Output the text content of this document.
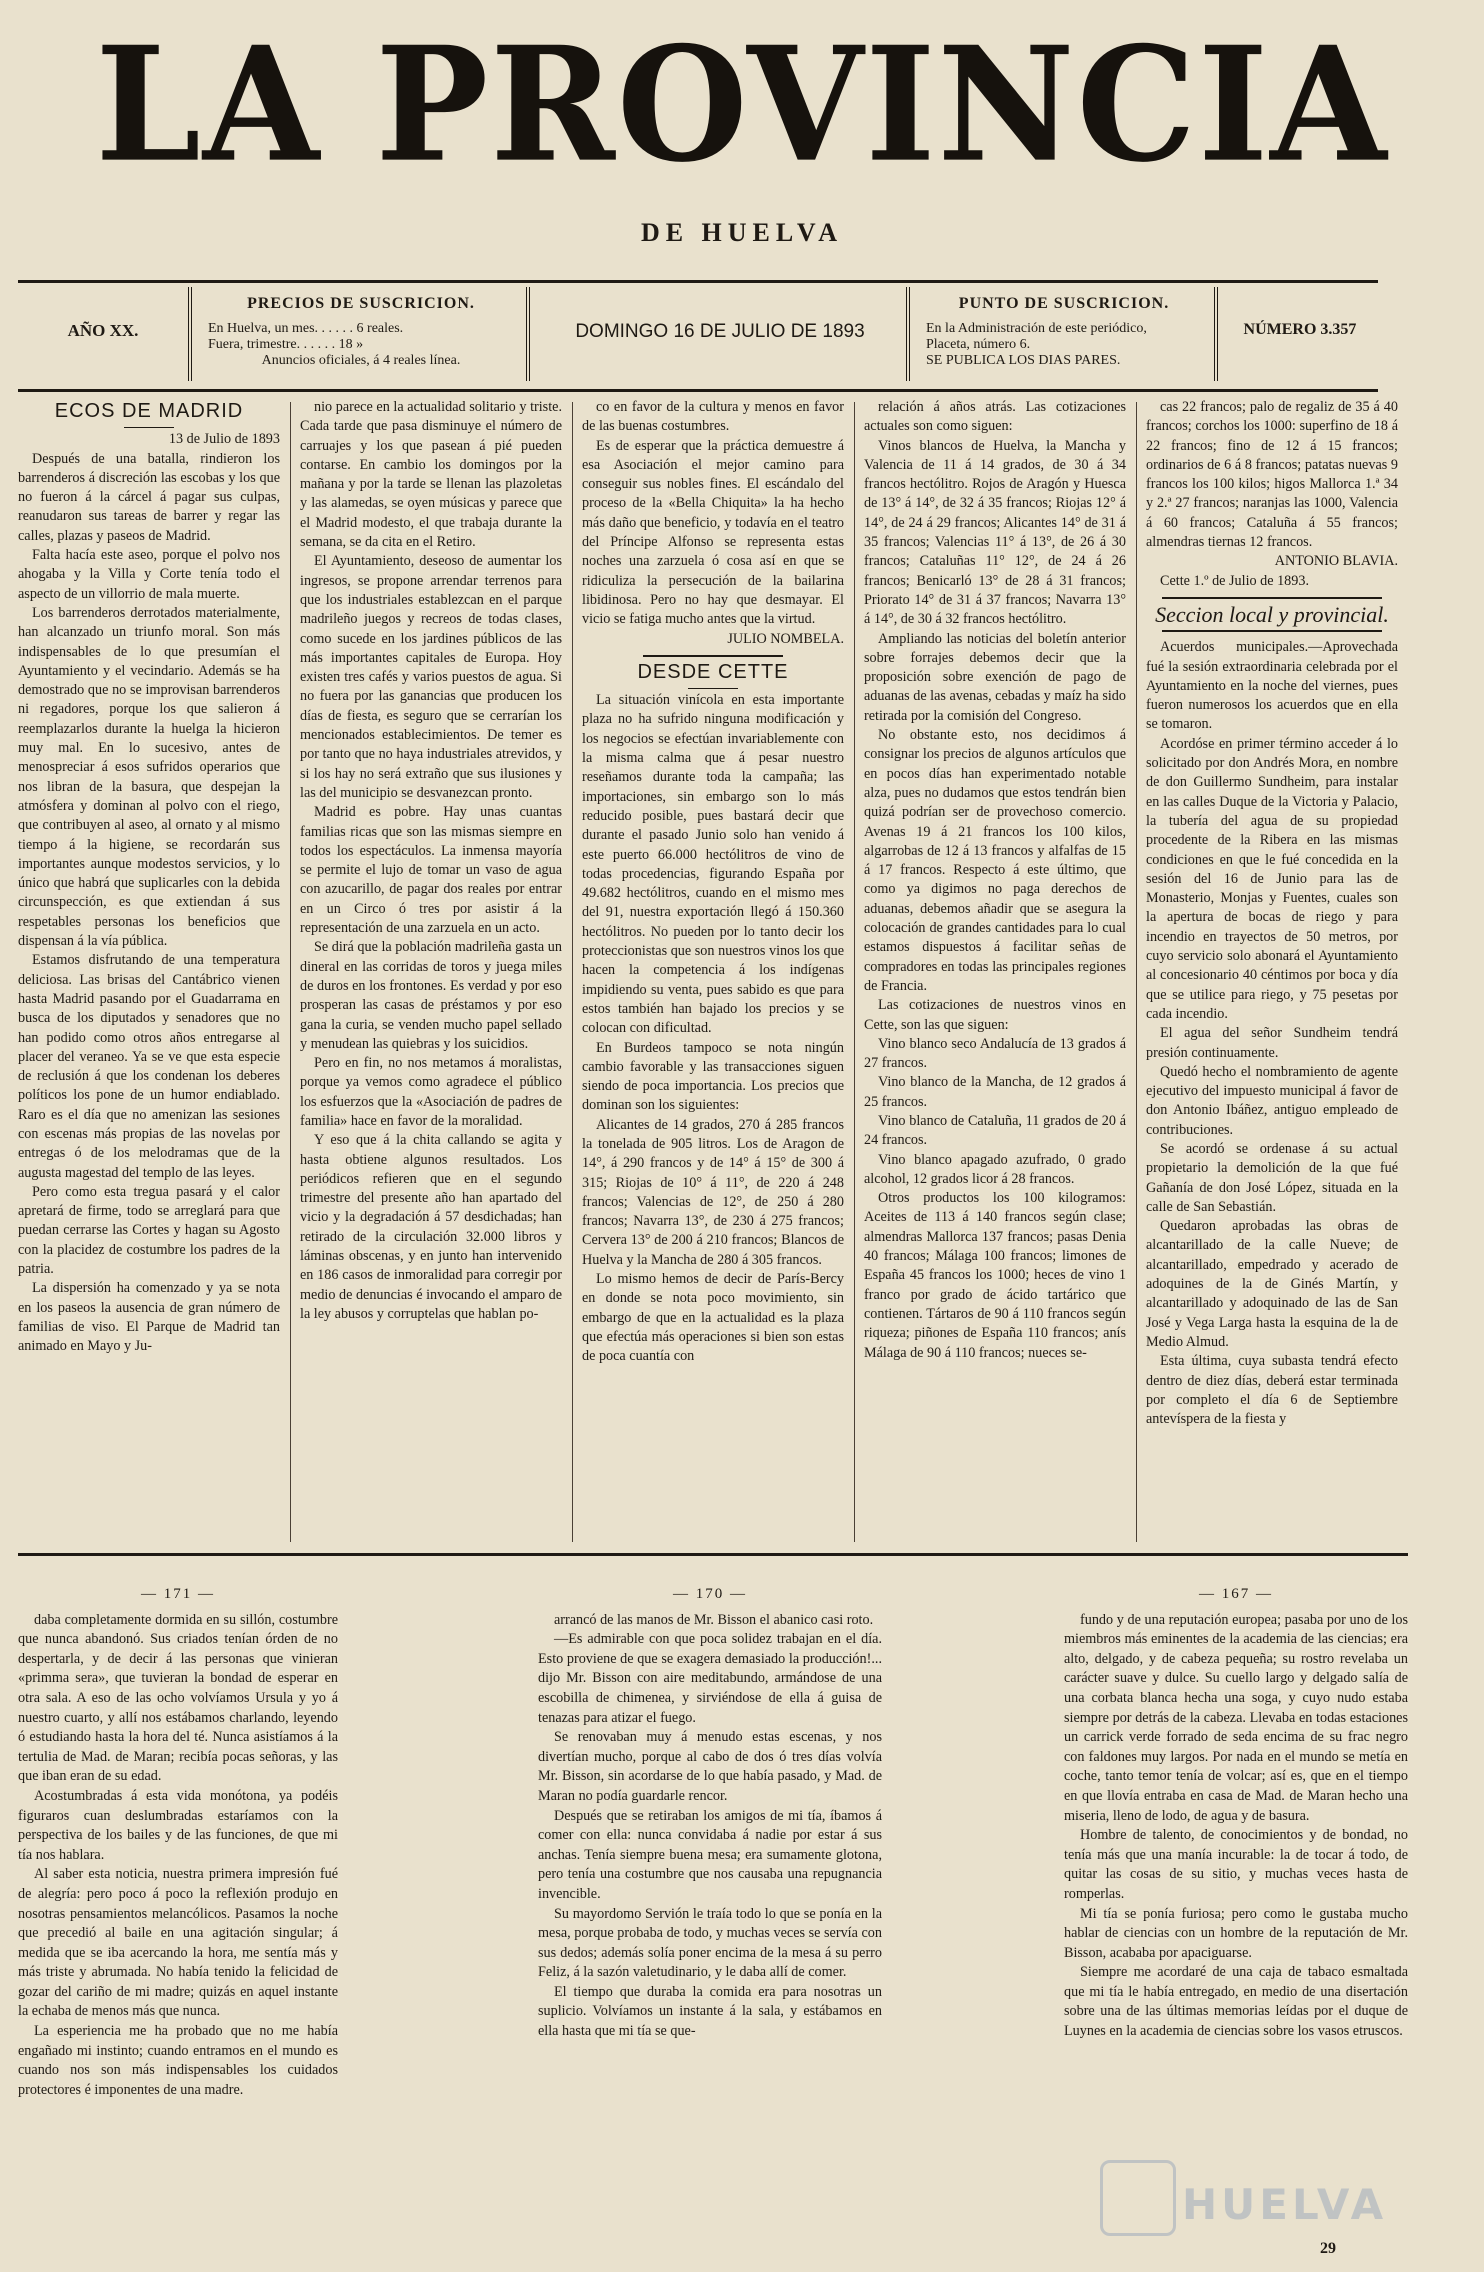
LA PROVINCIA
DE HUELVA
AÑO XX.
PRECIOS DE SUSCRICION.
En Huelva, un mes. . . . . . 6 reales.
Fuera, trimestre. . . . . . 18 »
Anuncios oficiales, á 4 reales línea.
DOMINGO 16 DE JULIO DE 1893
PUNTO DE SUSCRICION.
En la Administración de este periódico,
Placeta, número 6.
SE PUBLICA LOS DIAS PARES.
NÚMERO 3.357
ECOS DE MADRID

13 de Julio de 1893

Después de una batalla, rindieron los barrenderos á discreción las escobas y los que no fueron á la cárcel á pagar sus culpas, reanudaron sus tareas de barrer y regar las calles, plazas y paseos de Madrid.

Falta hacía este aseo, porque el polvo nos ahogaba y la Villa y Corte tenía todo el aspecto de un villorrio de mala muerte.

Los barrenderos derrotados materialmente, han alcanzado un triunfo moral. Son más indispensables de lo que presumían el Ayuntamiento y el vecindario. Además se ha demostrado que no se improvisan barrenderos ni regadores, porque los que salieron á reemplazarlos durante la huelga la hicieron muy mal. En lo sucesivo, antes de menospreciar á esos sufridos operarios que nos libran de la basura, que despejan la atmósfera y dominan al polvo con el riego, que contribuyen al aseo, al ornato y al mismo tiempo á la higiene, se recordarán sus importantes aunque modestos servicios, y lo único que habrá que suplicarles con la debida circunspección, es que extiendan á sus respetables personas los beneficios que dispensan á la vía pública.

Estamos disfrutando de una temperatura deliciosa. Las brisas del Cantábrico vienen hasta Madrid pasando por el Guadarrama en busca de los diputados y senadores que no han podido como otros años entregarse al placer del veraneo. Ya se ve que esta especie de reclusión á que los condenan los deberes políticos los pone de un humor endiablado. Raro es el día que no amenizan las sesiones con escenas más propias de las novelas por entregas ó de los melodramas que de la augusta magestad del templo de las leyes.

Pero como esta tregua pasará y el calor apretará de firme, todo se arreglará para que puedan cerrarse las Cortes y hagan su Agosto con la placidez de costumbre los padres de la patria.

La dispersión ha comenzado y ya se nota en los paseos la ausencia de gran número de familias de viso. El Parque de Madrid tan animado en Mayo y Ju-

nio parece en la actualidad solitario y triste. Cada tarde que pasa disminuye el número de carruajes y los que pasean á pié pueden contarse. En cambio los domingos por la mañana y por la tarde se llenan las plazoletas y las alamedas, se oyen músicas y parece que el Madrid modesto, el que trabaja durante la semana, se da cita en el Retiro.

El Ayuntamiento, deseoso de aumentar los ingresos, se propone arrendar terrenos para que los industriales establezcan en el parque madrileño juegos y recreos de todas clases, como sucede en los jardines públicos de las más importantes capitales de Europa. Hoy existen tres cafés y varios puestos de agua. Si no fuera por las ganancias que producen los días de fiesta, es seguro que se cerrarían los mencionados establecimientos. De temer es por tanto que no haya industriales atrevidos, y si los hay no será extraño que sus ilusiones y las del municipio se desvanezcan pronto.

Madrid es pobre. Hay unas cuantas familias ricas que son las mismas siempre en todos los espectáculos. La inmensa mayoría se permite el lujo de tomar un vaso de agua con azucarillo, de pagar dos reales por entrar en un Circo ó tres por asistir á la representación de una zarzuela en un acto.

Se dirá que la población madrileña gasta un dineral en las corridas de toros y juega miles de duros en los frontones. Es verdad y por eso prosperan las casas de préstamos y por eso gana la curia, se venden mucho papel sellado y menudean las quiebras y los suicidios.

Pero en fin, no nos metamos á moralistas, porque ya vemos como agradece el público los esfuerzos que la «Asociación de padres de familia» hace en favor de la moralidad.

Y eso que á la chita callando se agita y hasta obtiene algunos resultados. Los periódicos refieren que en el segundo trimestre del presente año han apartado del vicio y la degradación á 57 desdichadas; han retirado de la circulación 32.000 libros y láminas obscenas, y en junto han intervenido en 186 casos de inmoralidad para corregir por medio de denuncias é invocando el amparo de la ley abusos y corruptelas que hablan po-

co en favor de la cultura y menos en favor de las buenas costumbres.

Es de esperar que la práctica demuestre á esa Asociación el mejor camino para conseguir sus nobles fines. El escándalo del proceso de la «Bella Chiquita» la ha hecho más daño que beneficio, y todavía en el teatro del Príncipe Alfonso se representa estas noches una zarzuela ó cosa así en que se ridiculiza la persecución de la bailarina libidinosa. Pero no hay que desmayar. El vicio se fatiga mucho antes que la virtud.

JULIO NOMBELA.

DESDE CETTE

La situación vinícola en esta importante plaza no ha sufrido ninguna modificación y los negocios se efectúan invariablemente con la misma calma que á pesar nuestro reseñamos durante toda la campaña; las importaciones, sin embargo son lo más reducido posible, pues bastará decir que durante el pasado Junio solo han venido á este puerto 66.000 hectólitros de vino de todas procedencias, figurando España por 49.682 hectólitros, cuando en el mismo mes del 91, nuestra exportación llegó á 150.360 hectólitros. No pueden por lo tanto decir los proteccionistas que son nuestros vinos los que hacen la competencia á los indígenas impidiendo su venta, pues sabido es que para estos también han bajado los precios y se colocan con dificultad.

En Burdeos tampoco se nota ningún cambio favorable y las transacciones siguen siendo de poca importancia. Los precios que dominan son los siguientes:

Alicantes de 14 grados, 270 á 285 francos la tonelada de 905 litros. Los de Aragon de 14°, á 290 francos y de 14° á 15° de 300 á 315; Riojas de 10° á 11°, de 220 á 248 francos; Valencias de 12°, de 250 á 280 francos; Navarra 13°, de 230 á 275 francos; Cervera 13° de 200 á 210 francos; Blancos de Huelva y la Mancha de 280 á 305 francos.

Lo mismo hemos de decir de París-Bercy en donde se nota poco movimiento, sin embargo de que en la actualidad es la plaza que efectúa más operaciones si bien son estas de poca cuantía con

relación á años atrás. Las cotizaciones actuales son como siguen:

Vinos blancos de Huelva, la Mancha y Valencia de 11 á 14 grados, de 30 á 34 francos hectólitro. Rojos de Aragón y Huesca de 13° á 14°, de 32 á 35 francos; Riojas 12° á 14°, de 24 á 29 francos; Alicantes 14° de 31 á 35 francos; Valencias 11° á 13°, de 26 á 30 francos; Cataluñas 11° 12°, de 24 á 26 francos; Benicarló 13° de 28 á 31 francos; Priorato 14° de 31 á 37 francos; Navarra 13° á 14°, de 30 á 32 francos hectólitro.

Ampliando las noticias del boletín anterior sobre forrajes debemos decir que la proposición sobre exención de pago de aduanas de las avenas, cebadas y maíz ha sido retirada por la comisión del Congreso.

No obstante esto, nos decidimos á consignar los precios de algunos artículos que en pocos días han experimentado notable alza, pues no dudamos que estos tendrán bien quizá podrían ser de provechoso comercio. Avenas 19 á 21 francos los 100 kilos, algarrobas de 12 á 13 francos y alfalfas de 15 á 17 francos. Respecto á este último, que como ya digimos no paga derechos de aduanas, debemos añadir que se asegura la colocación de grandes cantidades para lo cual estamos dispuestos á facilitar señas de compradores en todas las principales regiones de Francia.

Las cotizaciones de nuestros vinos en Cette, son las que siguen:

Vino blanco seco Andalucía de 13 grados á 27 francos.

Vino blanco de la Mancha, de 12 grados á 25 francos.

Vino blanco de Cataluña, 11 grados de 20 á 24 francos.

Vino blanco apagado azufrado, 0 grado alcohol, 12 grados licor á 28 francos.

Otros productos los 100 kilogramos: Aceites de 113 á 140 francos según clase; almendras Mallorca 137 francos; pasas Denia 40 francos; Málaga 100 francos; limones de España 45 francos los 1000; heces de vino 1 franco por grado de ácido tartárico que contienen. Tártaros de 90 á 110 francos según riqueza; piñones de España 110 francos; anís Málaga de 90 á 110 francos; nueces se-

cas 22 francos; palo de regaliz de 35 á 40 francos; corchos los 1000: superfino de 18 á 22 francos; fino de 12 á 15 francos; ordinarios de 6 á 8 francos; patatas nuevas 9 francos los 100 kilos; higos Mallorca 1.ª 34 y 2.ª 27 francos; naranjas las 1000, Valencia á 60 francos; Cataluña á 55 francos; almendras tiernas 12 francos.

ANTONIO BLAVIA.

Cette 1.º de Julio de 1893.

Seccion local y provincial.

Acuerdos municipales.—Aprovechada fué la sesión extraordinaria celebrada por el Ayuntamiento en la noche del viernes, pues fueron numerosos los acuerdos que en ella se tomaron.

Acordóse en primer término acceder á lo solicitado por don Andrés Mora, en nombre de don Guillermo Sundheim, para instalar en las calles Duque de la Victoria y Palacio, la tubería del agua de su propiedad procedente de la Ribera en las mismas condiciones en que le fué concedida en la sesión del 16 de Junio para las de Monasterio, Monjas y Fuentes, cuales son la apertura de bocas de riego y para incendio en trayectos de 50 metros, por cuyo servicio solo abonará el Ayuntamiento al concesionario 40 céntimos por boca y día que se utilice para riego, y 75 pesetas por cada incendio.

El agua del señor Sundheim tendrá presión continuamente.

Quedó hecho el nombramiento de agente ejecutivo del impuesto municipal á favor de don Antonio Ibáñez, antiguo empleado de contribuciones.

Se acordó se ordenase á su actual propietario la demolición de la que fué Gañanía de don José López, situada en la calle de San Sebastián.

Quedaron aprobadas las obras de alcantarillado de la calle Nueve; de alcantarillado, empedrado y acerado de adoquines de la de Ginés Martín, y alcantarillado y adoquinado de las de San José y Vega Larga hasta la esquina de la de Medio Almud.

Esta última, cuya subasta tendrá efecto dentro de diez días, deberá estar terminada por completo el día 6 de Septiembre antevíspera de la fiesta y

— 171 —

daba completamente dormida en su sillón, costumbre que nunca abandonó. Sus criados tenían órden de no despertarla, y de decir á las personas que vinieran «primma sera», que tuvieran la bondad de esperar en otra sala. A eso de las ocho volvíamos Ursula y yo á nuestro cuarto, y allí nos estábamos charlando, leyendo ó estudiando hasta la hora del té. Nunca asistíamos á la tertulia de Mad. de Maran; recibía pocas señoras, y las que iban eran de su edad.

Acostumbradas á esta vida monótona, ya podéis figuraros cuan deslumbradas estaríamos con la perspectiva de los bailes y de las funciones, de que mi tía nos hablara.

Al saber esta noticia, nuestra primera impresión fué de alegría: pero poco á poco la reflexión produjo en nosotras pensamientos melancólicos. Pasamos la noche que precedió al baile en una agitación singular; á medida que se iba acercando la hora, me sentía más y más triste y abrumada. No había tenido la felicidad de gozar del cariño de mi madre; quizás en aquel instante la echaba de menos más que nunca.

La esperiencia me ha probado que no me había engañado mi instinto; cuando entramos en el mundo es cuando nos son más indispensables los cuidados protectores é imponentes de una madre.

— 170 —

arrancó de las manos de Mr. Bisson el abanico casi roto.

—Es admirable con que poca solidez trabajan en el día. Esto proviene de que se exagera demasiado la producción!... dijo Mr. Bisson con aire meditabundo, armándose de una escobilla de chimenea, y sirviéndose de ella á guisa de tenazas para atizar el fuego.

Se renovaban muy á menudo estas escenas, y nos divertían mucho, porque al cabo de dos ó tres días volvía Mr. Bisson, sin acordarse de lo que había pasado, y Mad. de Maran no podía guardarle rencor.

Después que se retiraban los amigos de mi tía, íbamos á comer con ella: nunca convidaba á nadie por estar á sus anchas. Tenía siempre buena mesa; era sumamente glotona, pero tenía una costumbre que nos causaba una repugnancia invencible.

Su mayordomo Servión le traía todo lo que se ponía en la mesa, porque probaba de todo, y muchas veces se servía con sus dedos; además solía poner encima de la mesa á su perro Feliz, á la sazón valetudinario, y le daba allí de comer.

El tiempo que duraba la comida era para nosotras un suplicio. Volvíamos un instante á la sala, y estábamos en ella hasta que mi tía se que-

— 167 —

fundo y de una reputación europea; pasaba por uno de los miembros más eminentes de la academia de las ciencias; era alto, delgado, y de cabeza pequeña; su rostro revelaba un carácter suave y dulce. Su cuello largo y delgado salía de una corbata blanca hecha una soga, y cuyo nudo estaba siempre por detrás de la cabeza. Llevaba en todas estaciones un carrick verde forrado de seda encima de su frac negro con faldones muy largos. Por nada en el mundo se metía en coche, tanto temor tenía de volcar; así es, que en el tiempo en que llovía entraba en casa de Mad. de Maran hecho una miseria, lleno de lodo, de agua y de basura.

Hombre de talento, de conocimientos y de bondad, no tenía más que una manía incurable: la de tocar á todo, de quitar las cosas de su sitio, y muchas veces hasta de romperlas.

Mi tía se ponía furiosa; pero como le gustaba mucho hablar de ciencias con un hombre de la reputación de Mr. Bisson, acababa por apaciguarse.

Siempre me acordaré de una caja de tabaco esmaltada que mi tía le había entregado, en medio de una disertación sobre una de las últimas memorias leídas por el duque de Luynes en la academia de ciencias sobre los vasos etruscos.

HUELVA
29
